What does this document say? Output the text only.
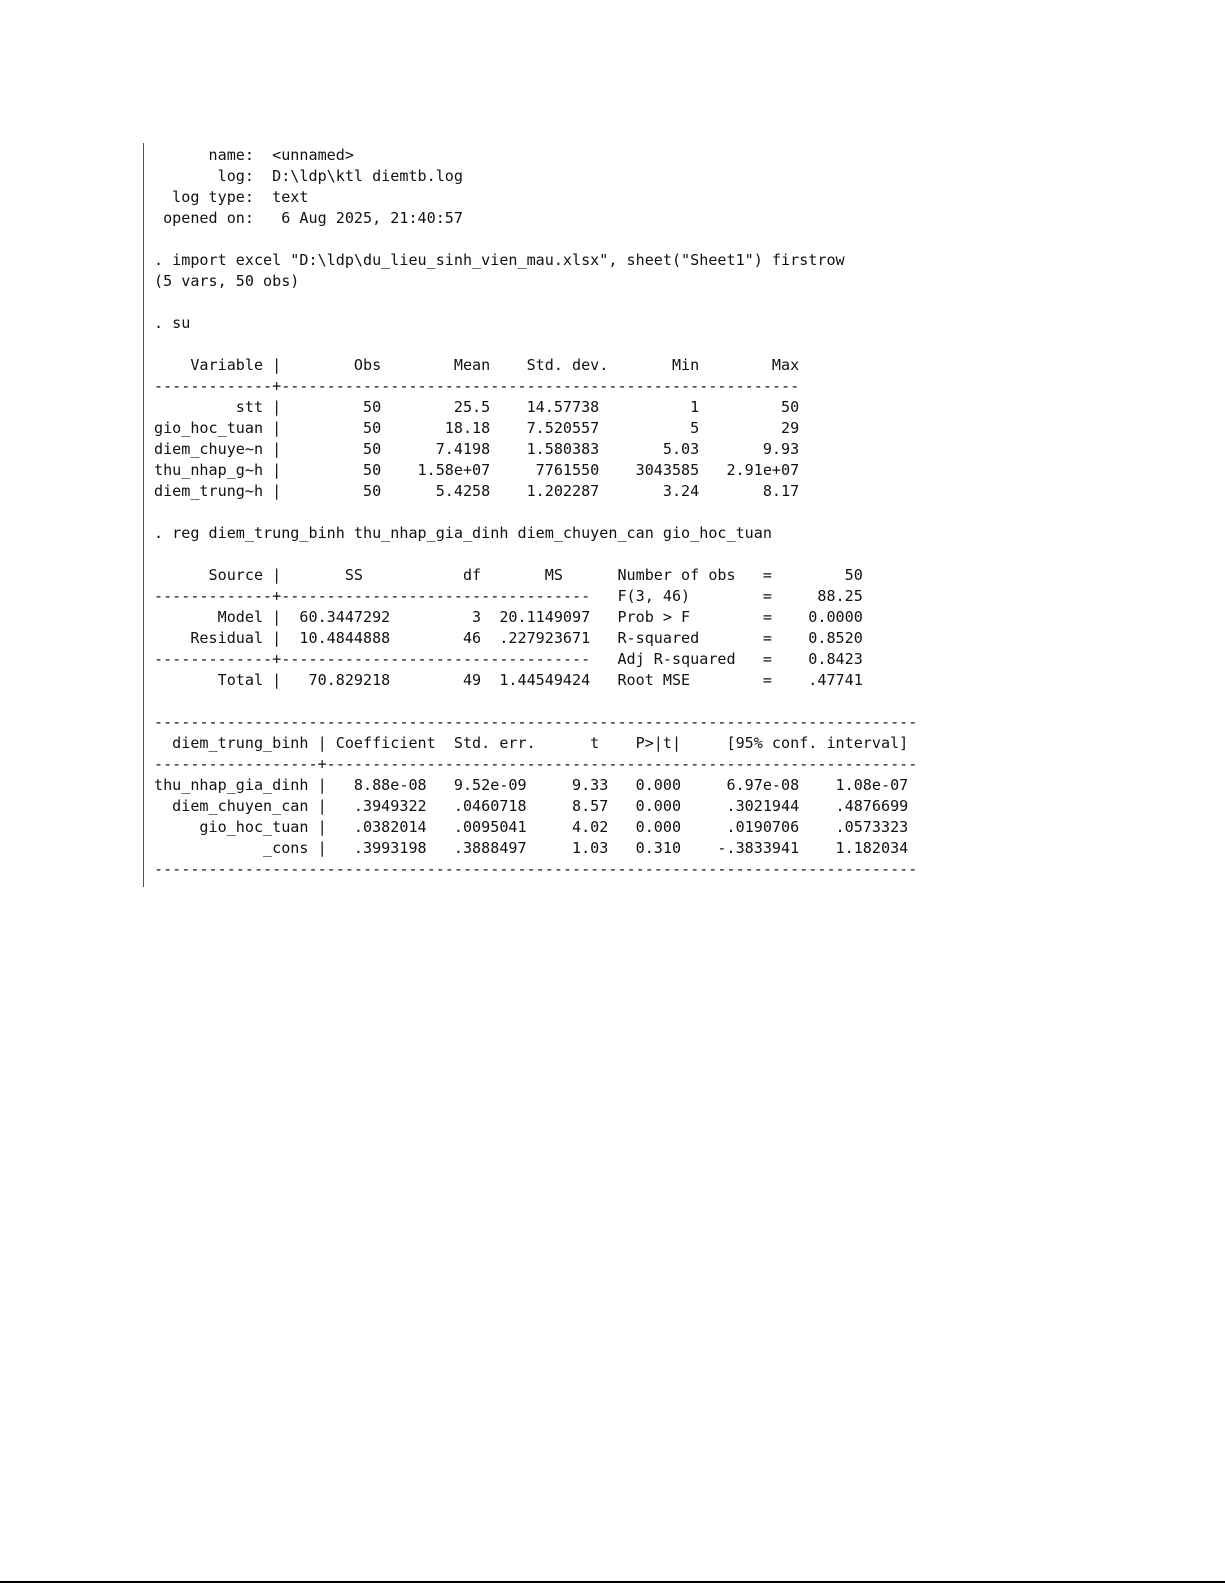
name:  <unnamed>
log:  D:\ldp\ktl diemtb.log
log type:  text
opened on:   6 Aug 2025, 21:40:57
. import excel "D:\ldp\du_lieu_sinh_vien_mau.xlsx", sheet("Sheet1") firstrow
(5 vars, 50 obs)
. su
Variable |        Obs        Mean    Std. dev.       Min        Max
-------------+---------------------------------------------------------
stt |         50        25.5    14.57738          1         50
gio_hoc_tuan |         50       18.18    7.520557          5         29
diem_chuye~n |         50      7.4198    1.580383       5.03       9.93
thu_nhap_g~h |         50    1.58e+07     7761550    3043585   2.91e+07
diem_trung~h |         50      5.4258    1.202287       3.24       8.17
. reg diem_trung_binh thu_nhap_gia_dinh diem_chuyen_can gio_hoc_tuan
Source |       SS           df       MS      Number of obs   =        50
-------------+----------------------------------   F(3, 46)        =     88.25
Model |  60.3447292         3  20.1149097   Prob > F        =    0.0000
Residual |  10.4844888        46  .227923671   R-squared       =    0.8520
-------------+----------------------------------   Adj R-squared   =    0.8423
Total |   70.829218        49  1.44549424   Root MSE        =    .47741
------------------------------------------------------------------------------------
diem_trung_binh | Coefficient  Std. err.      t    P>|t|     [95% conf. interval]
------------------+-----------------------------------------------------------------
thu_nhap_gia_dinh |   8.88e-08   9.52e-09     9.33   0.000     6.97e-08    1.08e-07
diem_chuyen_can |   .3949322   .0460718     8.57   0.000     .3021944    .4876699
gio_hoc_tuan |   .0382014   .0095041     4.02   0.000     .0190706    .0573323
_cons |   .3993198   .3888497     1.03   0.310    -.3833941    1.182034
------------------------------------------------------------------------------------
